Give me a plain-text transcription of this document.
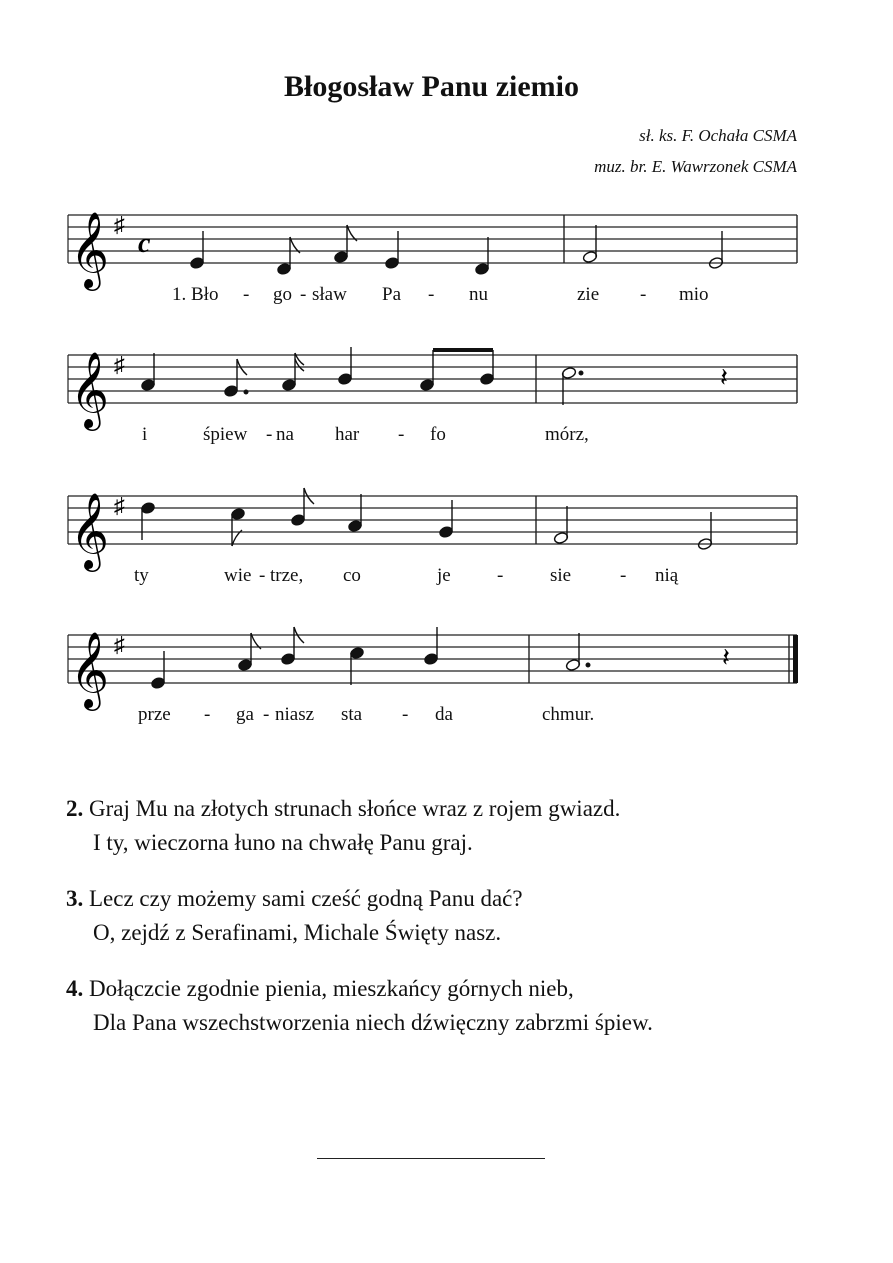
Błogosław Panu ziemio
sł. ks. F. Ochała CSMA
muz. br. E. Wawrzonek CSMA
𝄞 ♯
c
1. Bło - go - sław Pa - nu	zie - mio
𝄞 ♯	𝄽
i	śpiew - na har - fo	mórz,
𝄞 ♯
ty	wie - trze, co	je - sie	- nią
𝄞 ♯	𝄽
prze - ga - niasz sta - da	chmur.
2. Graj Mu na złotych strunach słońce wraz z rojem gwiazd.
I ty, wieczorna łuno na chwałę Panu graj.
3. Lecz czy możemy sami cześć godną Panu dać?
O, zejdź z Serafinami, Michale Święty nasz.
4. Dołączcie zgodnie pienia, mieszkańcy górnych nieb,
Dla Pana wszechstworzenia niech dźwięczny zabrzmi śpiew.
